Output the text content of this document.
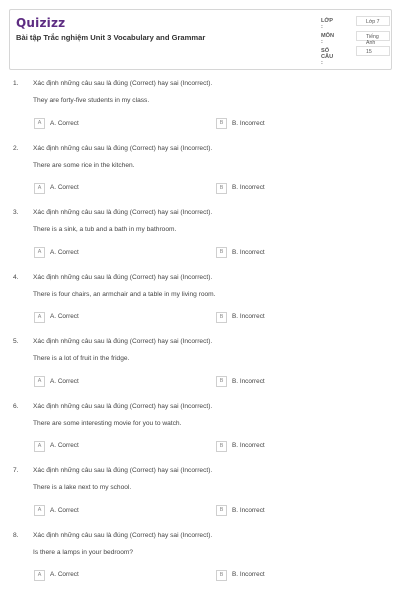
Quizizz
Bài tập Trắc nghiệm Unit 3 Vocabulary and Grammar
LỚP :
Lớp 7
MÔN :
Tiếng Anh
SỐ CÂU :
15
1. Xác định những câu sau là đúng (Correct) hay sai (Incorrect).
They are forty-five students in my class.
A	A. Correct	B	B. Incorrect
2. Xác định những câu sau là đúng (Correct) hay sai (Incorrect).
There are some rice in the kitchen.
A	A. Correct	B	B. Incorrect
3. Xác định những câu sau là đúng (Correct) hay sai (Incorrect).
There is a sink, a tub and a bath in my bathroom.
A	A. Correct	B	B. Incorrect
4. Xác định những câu sau là đúng (Correct) hay sai (Incorrect).
There is four chairs, an armchair and a table in my living room.
A	A. Correct	B	B. Incorrect
5. Xác định những câu sau là đúng (Correct) hay sai (Incorrect).
There is a lot of fruit in the fridge.
A	A. Correct	B	B. Incorrect
6. Xác định những câu sau là đúng (Correct) hay sai (Incorrect).
There are some interesting movie for you to watch.
A	A. Correct	B	B. Incorrect
7. Xác định những câu sau là đúng (Correct) hay sai (Incorrect).
There is a lake next to my school.
A	A. Correct	B	B. Incorrect
8. Xác định những câu sau là đúng (Correct) hay sai (Incorrect).
Is there a lamps in your bedroom?
A	A. Correct	B	B. Incorrect
